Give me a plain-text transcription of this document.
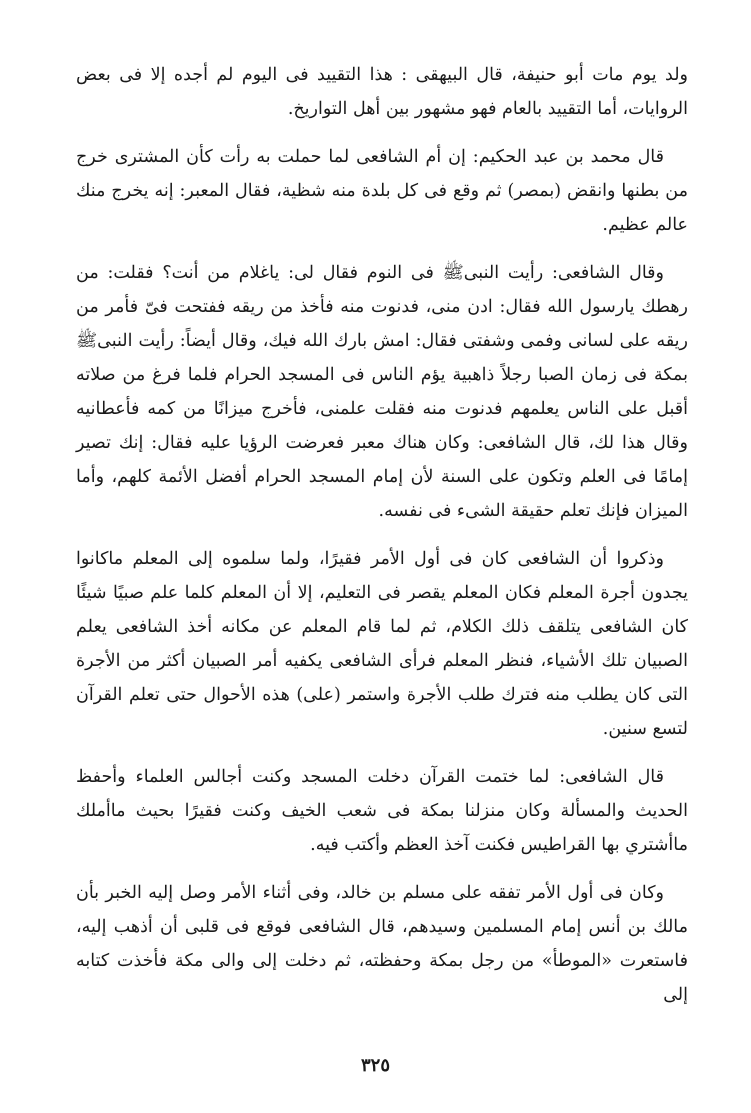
ولد يوم مات أبو حنيفة، قال البيهقى : هذا التقييد فى اليوم لم أجده إلا فى بعض الروايات، أما التقييد بالعام فهو مشهور بين أهل التواريخ.

قال محمد بن عبد الحكيم: إن أم الشافعى لما حملت به رأت كأن المشترى خرج من بطنها وانقض (بمصر) ثم وقع فى كل بلدة منه شظية، فقال المعبر: إنه يخرج منك عالم عظيم.

وقال الشافعى: رأيت النبىﷺ فى النوم فقال لى: ياغلام من أنت؟ فقلت: من رهطك يارسول الله فقال: ادن منى، فدنوت منه فأخذ من ريقه ففتحت فىّ فأمر من ريقه على لسانى وفمى وشفتى فقال: امش بارك الله فيك، وقال أيضاً: رأيت النبىﷺ بمكة فى زمان الصبا رجلاً ذاهبية يؤم الناس فى المسجد الحرام فلما فرغ من صلاته أقبل على الناس يعلمهم فدنوت منه فقلت علمنى، فأخرج ميزانًا من كمه فأعطانيه وقال هذا لك، قال الشافعى: وكان هناك معبر فعرضت الرؤيا عليه فقال: إنك تصير إمامًا فى العلم وتكون على السنة لأن إمام المسجد الحرام أفضل الأئمة كلهم، وأما الميزان فإنك تعلم حقيقة الشىء فى نفسه.

وذكروا أن الشافعى كان فى أول الأمر فقيرًا، ولما سلموه إلى المعلم ماكانوا يجدون أجرة المعلم فكان المعلم يقصر فى التعليم، إلا أن المعلم كلما علم صبيًا شيئًا كان الشافعى يتلقف ذلك الكلام، ثم لما قام المعلم عن مكانه أخذ الشافعى يعلم الصبيان تلك الأشياء، فنظر المعلم فرأى الشافعى يكفيه أمر الصبيان أكثر من الأجرة التى كان يطلب منه فترك طلب الأجرة واستمر (على) هذه الأحوال حتى تعلم القرآن لتسع سنين.

قال الشافعى: لما ختمت القرآن دخلت المسجد وكنت أجالس العلماء وأحفظ الحديث والمسألة وكان منزلنا بمكة فى شعب الخيف وكنت فقيرًا بحيث ماأملك ماأشتري بها القراطيس فكنت آخذ العظم وأكتب فيه.

وكان فى أول الأمر تفقه على مسلم بن خالد، وفى أثناء الأمر وصل إليه الخبر بأن مالك بن أنس إمام المسلمين وسيدهم، قال الشافعى فوقع فى قلبى أن أذهب إليه، فاستعرت «الموطأ» من رجل بمكة وحفظته، ثم دخلت إلى والى مكة فأخذت كتابه إلى

٣٢٥
